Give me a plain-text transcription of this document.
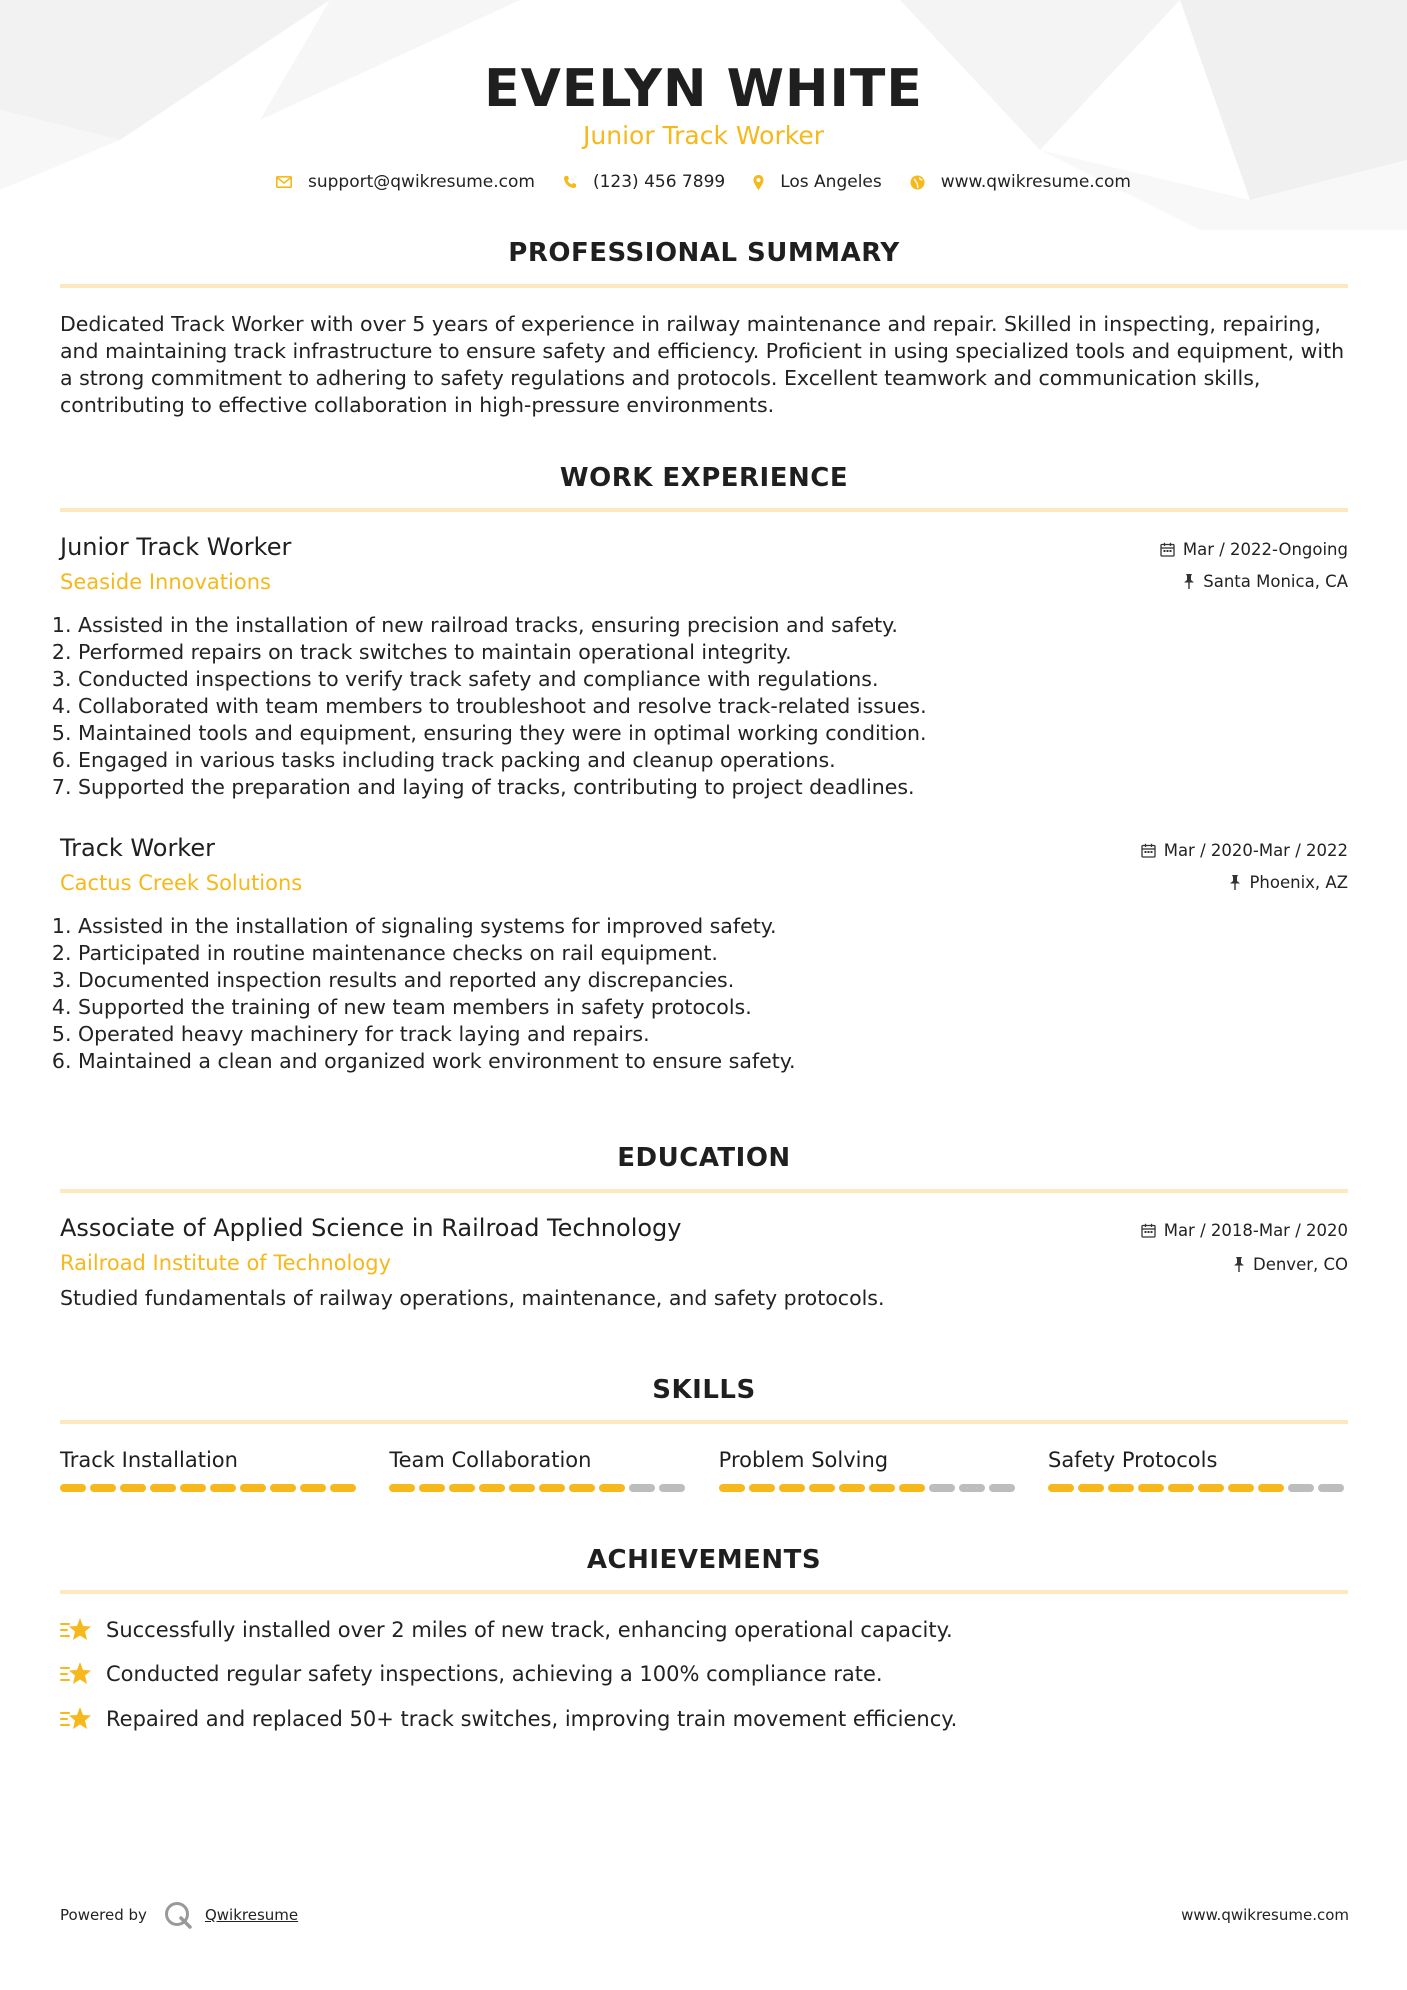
EVELYN WHITE
Junior Track Worker
support@qwikresume.com	(123) 456 7899	Los Angeles	www.qwikresume.com
PROFESSIONAL SUMMARY
Dedicated Track Worker with over 5 years of experience in railway maintenance and repair. Skilled in inspecting, repairing, and maintaining track infrastructure to ensure safety and efficiency. Proficient in using specialized tools and equipment, with a strong commitment to adhering to safety regulations and protocols. Excellent teamwork and communication skills, contributing to effective collaboration in high-pressure environments.
WORK EXPERIENCE
Junior Track Worker
Seaside Innovations
Mar / 2022-Ongoing
Santa Monica, CA
1. Assisted in the installation of new railroad tracks, ensuring precision and safety.
2. Performed repairs on track switches to maintain operational integrity.
3. Conducted inspections to verify track safety and compliance with regulations.
4. Collaborated with team members to troubleshoot and resolve track-related issues.
5. Maintained tools and equipment, ensuring they were in optimal working condition.
6. Engaged in various tasks including track packing and cleanup operations.
7. Supported the preparation and laying of tracks, contributing to project deadlines.
Track Worker
Cactus Creek Solutions
Mar / 2020-Mar / 2022
Phoenix, AZ
1. Assisted in the installation of signaling systems for improved safety.
2. Participated in routine maintenance checks on rail equipment.
3. Documented inspection results and reported any discrepancies.
4. Supported the training of new team members in safety protocols.
5. Operated heavy machinery for track laying and repairs.
6. Maintained a clean and organized work environment to ensure safety.
EDUCATION
Associate of Applied Science in Railroad Technology
Railroad Institute of Technology
Mar / 2018-Mar / 2020
Denver, CO
Studied fundamentals of railway operations, maintenance, and safety protocols.
SKILLS
Track Installation	Team Collaboration	Problem Solving	Safety Protocols
ACHIEVEMENTS
Successfully installed over 2 miles of new track, enhancing operational capacity.
Conducted regular safety inspections, achieving a 100% compliance rate.
Repaired and replaced 50+ track switches, improving train movement efficiency.
Powered by	Qwikresume	www.qwikresume.com
